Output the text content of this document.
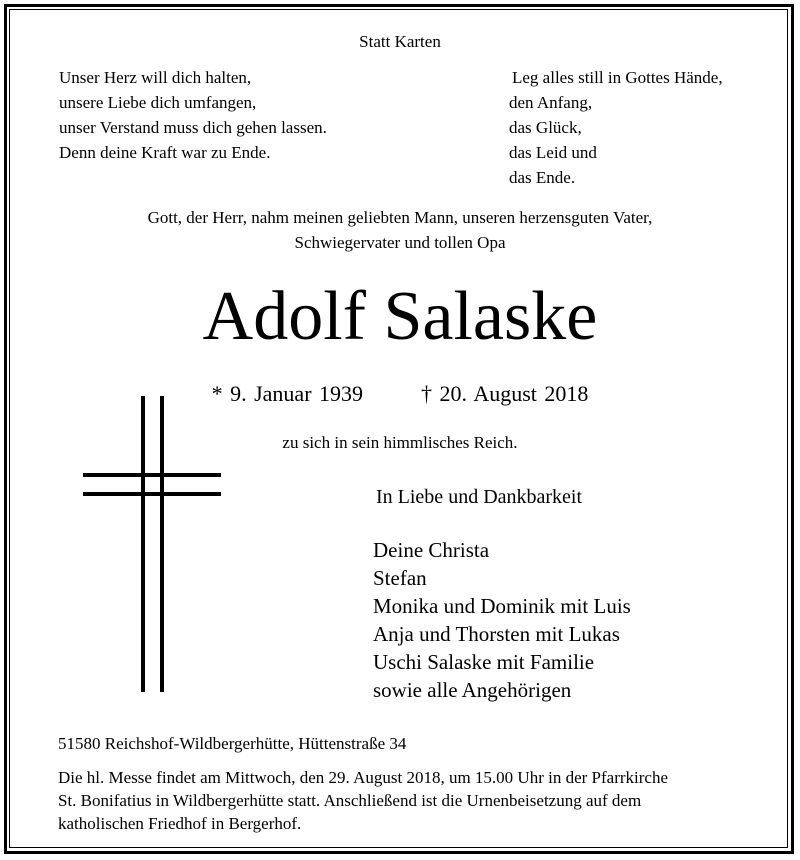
Statt Karten
Unser Herz will dich halten,
unsere Liebe dich umfangen,
unser Verstand muss dich gehen lassen.
Denn deine Kraft war zu Ende.
Leg alles still in Gottes Hände,
den Anfang,
das Glück,
das Leid und
das Ende.
Gott, der Herr, nahm meinen geliebten Mann, unseren herzensguten Vater,
Schwiegervater und tollen Opa
Adolf Salaske
* 9. Januar 1939	† 20. August 2018
zu sich in sein himmlisches Reich.
In Liebe und Dankbarkeit
Deine Christa
Stefan
Monika und Dominik mit Luis
Anja und Thorsten mit Lukas
Uschi Salaske mit Familie
sowie alle Angehörigen
51580 Reichshof-Wildbergerhütte, Hüttenstraße 34
Die hl. Messe findet am Mittwoch, den 29. August 2018, um 15.00 Uhr in der Pfarrkirche
St. Bonifatius in Wildbergerhütte statt. Anschließend ist die Urnenbeisetzung auf dem
katholischen Friedhof in Bergerhof.
